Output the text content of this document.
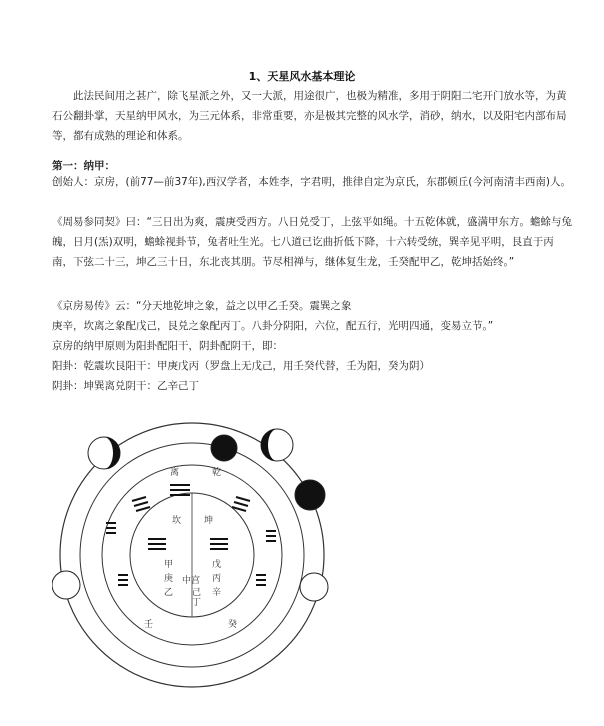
1、天星风水基本理论
此法民间用之甚广，除飞星派之外，又一大派，用途很广，也极为精准，多用于阴阳二宅开门放水等，为黄石公翻卦掌，天星纳甲风水，为三元体系，非常重要，亦是极其完整的风水学，消砂，纳水，以及阳宅内部布局等，都有成熟的理论和体系。
第一：纳甲：
创始人：京房，(前77—前37年),西汉学者，本姓李，字君明，推律自定为京氏，东郡顿丘(今河南清丰西南)人。
《周易参同契》曰：“三日出为爽，震庚受西方。八日兑受丁，上弦平如绳。十五乾体就，盛满甲东方。蟾蜍与兔魄，日月(炁)双明，蟾蜍视卦节，兔者吐生光。七八道已讫曲折低下降，十六转受统，巽辛见平明，艮直于丙南，下弦二十三，坤乙三十日，东北丧其朋。节尽相禅与，继体复生龙，壬癸配甲乙，乾坤括始终。”
《京房易传》云：“分天地乾坤之象，益之以甲乙壬癸。震巽之象
庚辛，坎离之象配戊己，艮兑之象配丙丁。八卦分阴阳，六位，配五行，光明四通，变易立节。”
京房的纳甲原则为阳卦配阳干，阴卦配阴干，即：
阳卦：乾震坎艮阳干：甲庚戊丙（罗盘上无戊己，用壬癸代替，壬为阳，癸为阴）
阴卦：坤巽离兑阴干：乙辛己丁
离	乾
坎	坤
中宫
甲
庚
戊
丙
乙	辛
己
丁
壬	癸
